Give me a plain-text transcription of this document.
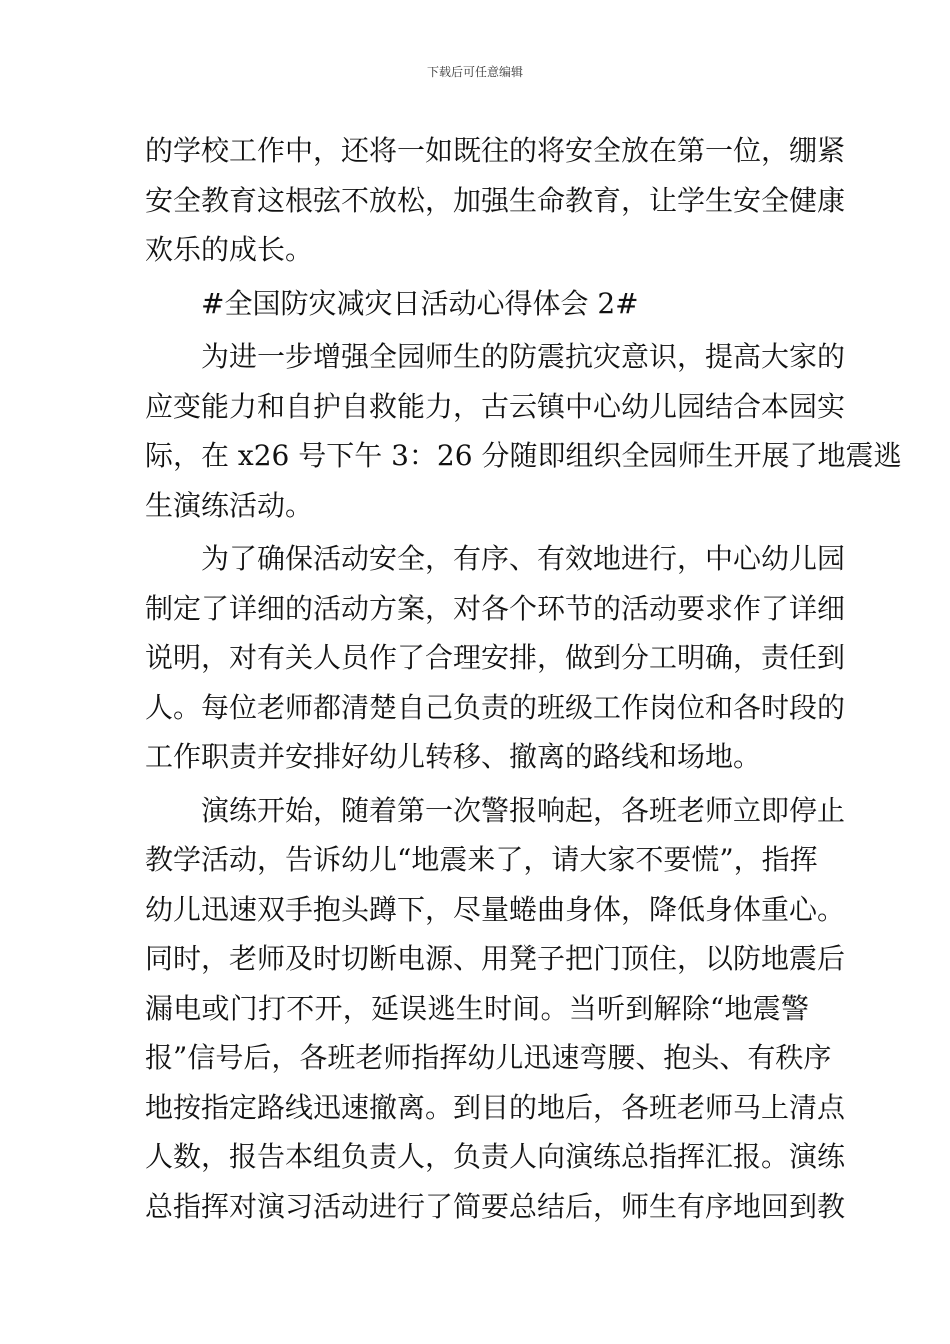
下载后可任意编辑
的学校工作中，还将一如既往的将安全放在第一位，绷紧
安全教育这根弦不放松，加强生命教育，让学生安全健康
欢乐的成长。
#全国防灾减灾日活动心得体会 2#
为进一步增强全园师生的防震抗灾意识，提高大家的
应变能力和自护自救能力，古云镇中心幼儿园结合本园实
际，在 x26 号下午 3：26 分随即组织全园师生开展了地震逃
生演练活动。
为了确保活动安全，有序、有效地进行，中心幼儿园
制定了详细的活动方案，对各个环节的活动要求作了详细
说明，对有关人员作了合理安排，做到分工明确，责任到
人。每位老师都清楚自己负责的班级工作岗位和各时段的
工作职责并安排好幼儿转移、撤离的路线和场地。
演练开始，随着第一次警报响起，各班老师立即停止
教学活动，告诉幼儿“地震来了，请大家不要慌”，指挥
幼儿迅速双手抱头蹲下，尽量蜷曲身体，降低身体重心。
同时，老师及时切断电源、用凳子把门顶住，以防地震后
漏电或门打不开，延误逃生时间。当听到解除“地震警
报”信号后，各班老师指挥幼儿迅速弯腰、抱头、有秩序
地按指定路线迅速撤离。到目的地后，各班老师马上清点
人数，报告本组负责人，负责人向演练总指挥汇报。演练
总指挥对演习活动进行了简要总结后，师生有序地回到教
